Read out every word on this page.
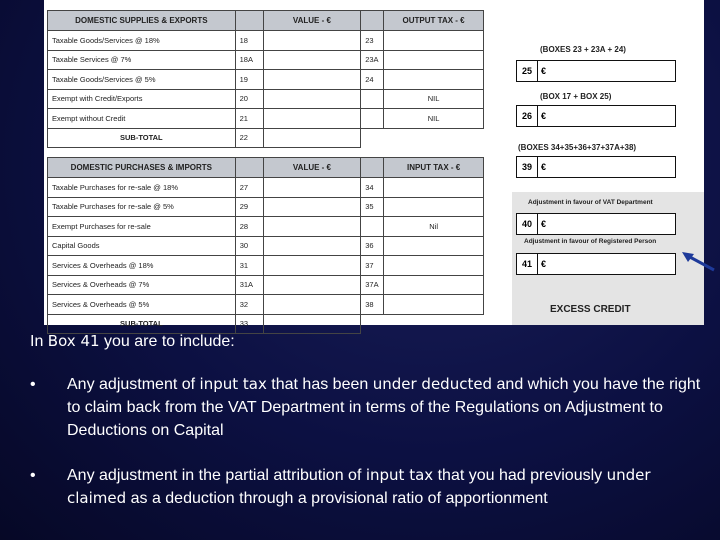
DOMESTIC SUPPLIES & EXPORTS		VALUE - €		OUTPUT TAX - €
Taxable Goods/Services @ 18%	18		23	
Taxable Services @ 7%	18A		23A	
Taxable Goods/Services @ 5%	19		24	
Exempt with Credit/Exports	20			NIL
Exempt without Credit	21			NIL
SUB-TOTAL	22			
DOMESTIC PURCHASES & IMPORTS		VALUE - €		INPUT TAX - €
Taxable Purchases for re-sale @ 18%	27		34	
Taxable Purchases for re-sale @ 5%	29		35	
Exempt Purchases for re-sale	28			Nil
Capital Goods	30		36	
Services & Overheads @ 18%	31		37	
Services & Overheads @ 7%	31A		37A	
Services & Overheads @ 5%	32		38	
SUB-TOTAL	33			
(BOXES 23 + 23A + 24)
25 €
(BOX 17 + BOX 25)
26 €
(BOXES 34+35+36+37+37A+38)
39 €
Adjustment in favour of VAT Department
40 €
Adjustment in favour of Registered Person
41 €
EXCESS CREDIT
In Box 41 you are to include:
• Any adjustment of input tax that has been under deducted and which you have the right to claim back from the VAT Department in terms of the Regulations on Adjustment to Deductions on Capital
• Any adjustment in the partial attribution of input tax that you had previously under claimed as a deduction through a provisional ratio of apportionment
